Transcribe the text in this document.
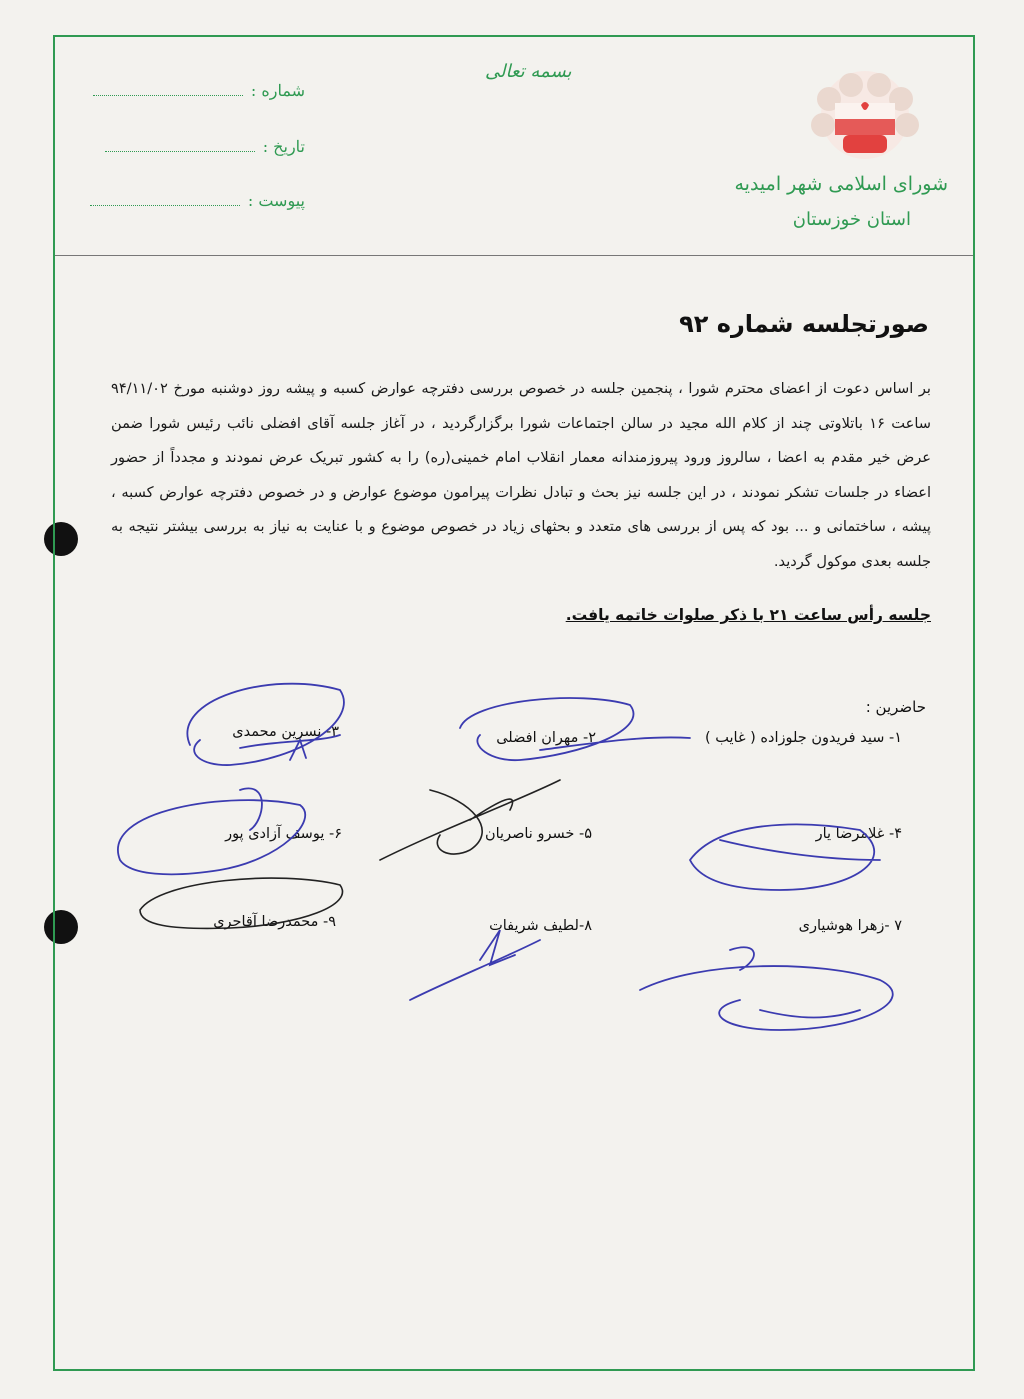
شماره :
تاریخ :
پیوست :
بسمه تعالی
شورای اسلامی شهر امیدیه
استان خوزستان
صورتجلسه شماره ۹۲

بر اساس دعوت از اعضای محترم شورا ، پنجمین جلسه در خصوص بررسی دفترچه عوارض کسبه و پیشه روز دوشنبه مورخ ۹۴/۱۱/۰۲ ساعت ۱۶ باتلاوتی چند از کلام الله مجید در سالن اجتماعات شورا برگزارگردید ، در آغاز جلسه آقای افضلی نائب رئیس شورا ضمن عرض خیر مقدم به اعضا ، سالروز ورود پیروزمندانه معمار انقلاب امام خمینی(ره) را به کشور تبریک عرض نمودند و مجدداً از حضور اعضاء در جلسات تشکر نمودند ، در این جلسه نیز بحث و تبادل نظرات پیرامون موضوع عوارض و در خصوص دفترچه عوارض کسبه ، پیشه ، ساختمانی و ... بود که پس از بررسی های متعدد و بحثهای زیاد در خصوص موضوع و با عنایت به نیاز به بررسی بیشتر نتیجه به جلسه بعدی موکول گردید.

جلسه رأس ساعت ۲۱ با ذکر صلوات خاتمه یافت.
حاضرین :
۱- سید فریدون جلوزاده ( غایب )
۲- مهران افضلی
۳- نسرین محمدی
۴- غلامرضا یار
۵- خسرو ناصریان
۶- یوسف آزادی پور
۷ -زهرا هوشیاری
۸-لطیف شریفات
۹- محمدرضا آقاجری
